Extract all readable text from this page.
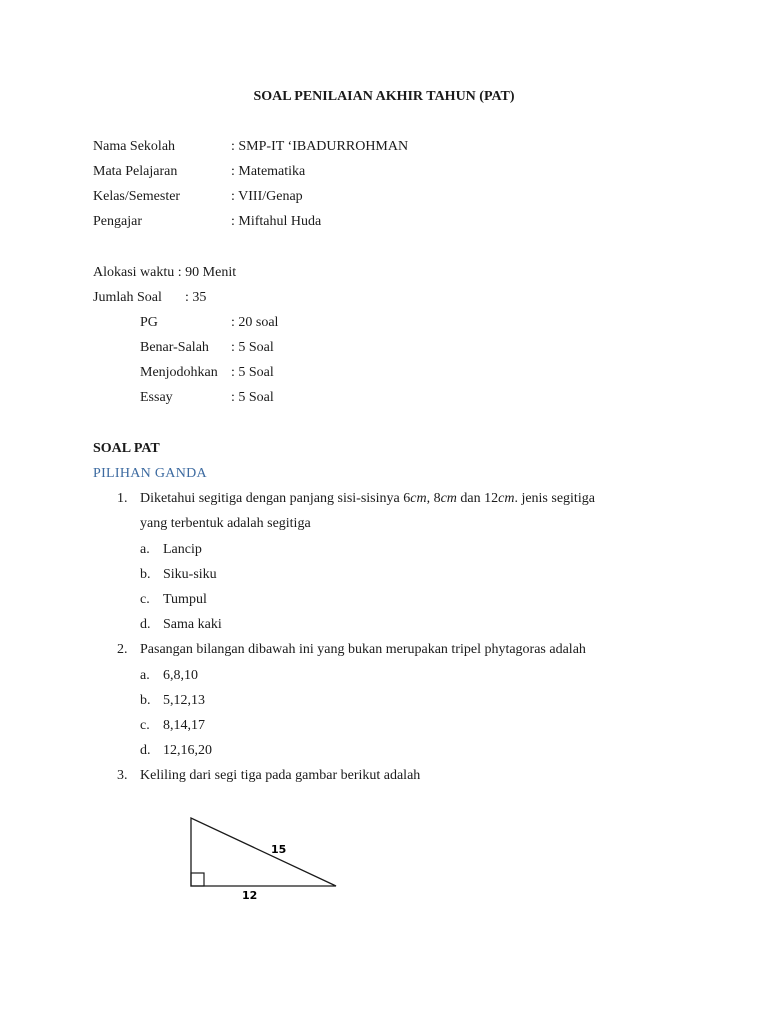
SOAL PENILAIAN AKHIR TAHUN (PAT)
Nama Sekolah	: SMP-IT ‘IBADURROHMAN
Mata Pelajaran	: Matematika
Kelas/Semester	: VIII/Genap
Pengajar	: Miftahul Huda
Alokasi waktu : 90 Menit
Jumlah Soal : 35
PG	: 20 soal
Benar-Salah : 5 Soal
Menjodohkan : 5 Soal
Essay	: 5 Soal
SOAL PAT
PILIHAN GANDA
1. Diketahui segitiga dengan panjang sisi-sisinya 6cm, 8cm dan 12cm. jenis segitiga
yang terbentuk adalah segitiga
a. Lancip
b. Siku-siku
c. Tumpul
d. Sama kaki
2. Pasangan bilangan dibawah ini yang bukan merupakan tripel phytagoras adalah
a. 6,8,10
b. 5,12,13
c. 8,14,17
d. 12,16,20
3. Keliling dari segi tiga pada gambar berikut adalah
15
12
